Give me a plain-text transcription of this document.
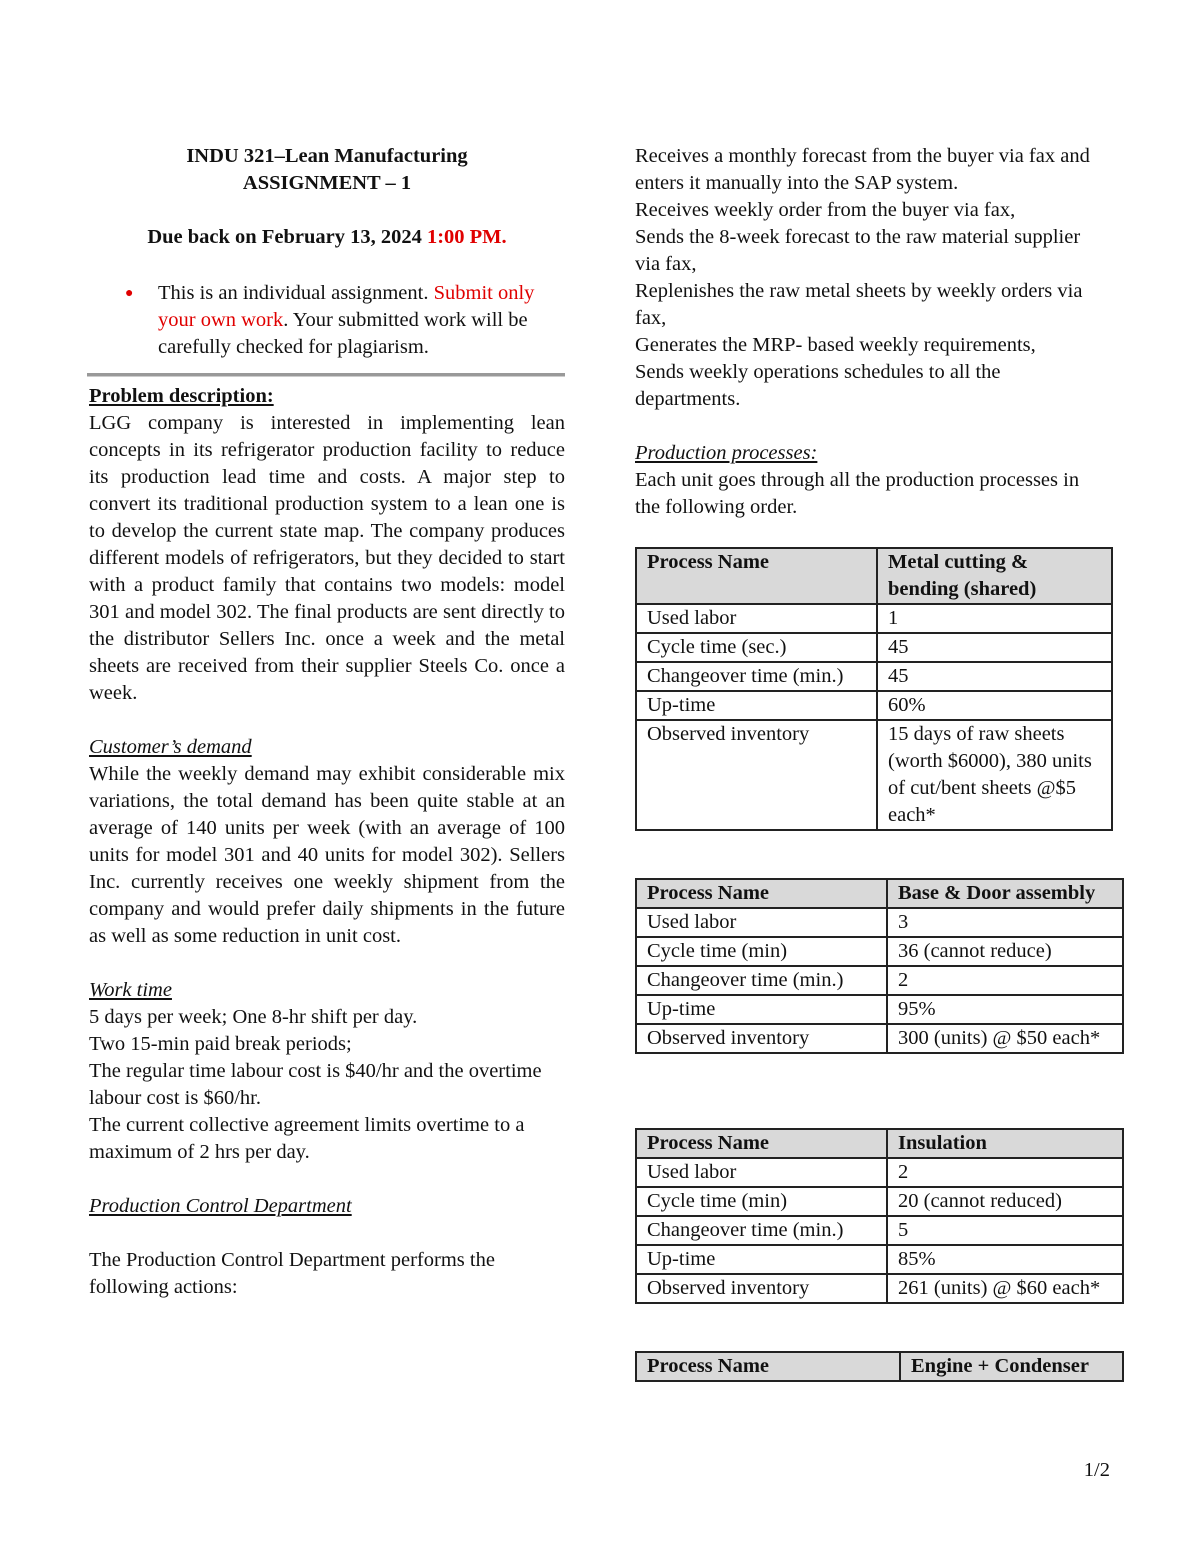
INDU 321–Lean Manufacturing
ASSIGNMENT – 1
Due back on February 13, 2024 1:00 PM.
●	This is an individual assignment. Submit only your own work. Your submitted work will be carefully checked for plagiarism.
Problem description:
LGG company is interested in implementing lean concepts in its refrigerator production facility to reduce its production lead time and costs. A major step to convert its traditional production system to a lean one is to develop the current state map. The company produces different models of refrigerators, but they decided to start with a product family that contains two models: model 301 and model 302. The final products are sent directly to the distributor Sellers Inc. once a week and the metal sheets are received from their supplier Steels Co. once a week.
Customer’s demand
While the weekly demand may exhibit considerable mix variations, the total demand has been quite stable at an average of 140 units per week (with an average of 100 units for model 301 and 40 units for model 302). Sellers Inc. currently receives one weekly shipment from the company and would prefer daily shipments in the future as well as some reduction in unit cost.
Work time
5 days per week; One 8-hr shift per day.
Two 15-min paid break periods;
The regular time labour cost is $40/hr and the overtime labour cost is $60/hr.
The current collective agreement limits overtime to a maximum of 2 hrs per day.
Production Control Department
The Production Control Department performs the following actions:
Receives a monthly forecast from the buyer via fax and enters it manually into the SAP system.
Receives weekly order from the buyer via fax,
Sends the 8-week forecast to the raw material supplier via fax,
Replenishes the raw metal sheets by weekly orders via fax,
Generates the MRP- based weekly requirements,
Sends weekly operations schedules to all the departments.
Production processes:
Each unit goes through all the production processes in the following order.
Process Name	Metal cutting & bending (shared)
Used labor	1
Cycle time (sec.)	45
Changeover time (min.)	45
Up-time	60%
Observed inventory	15 days of raw sheets (worth $6000), 380 units of cut/bent sheets @$5 each*
Process Name	Base & Door assembly
Used labor	3
Cycle time (min)	36 (cannot reduce)
Changeover time (min.)	2
Up-time	95%
Observed inventory	300 (units) @ $50 each*
Process Name	Insulation
Used labor	2
Cycle time (min)	20 (cannot reduced)
Changeover time (min.)	5
Up-time	85%
Observed inventory	261 (units) @ $60 each*
Process Name	Engine + Condenser
1/2
